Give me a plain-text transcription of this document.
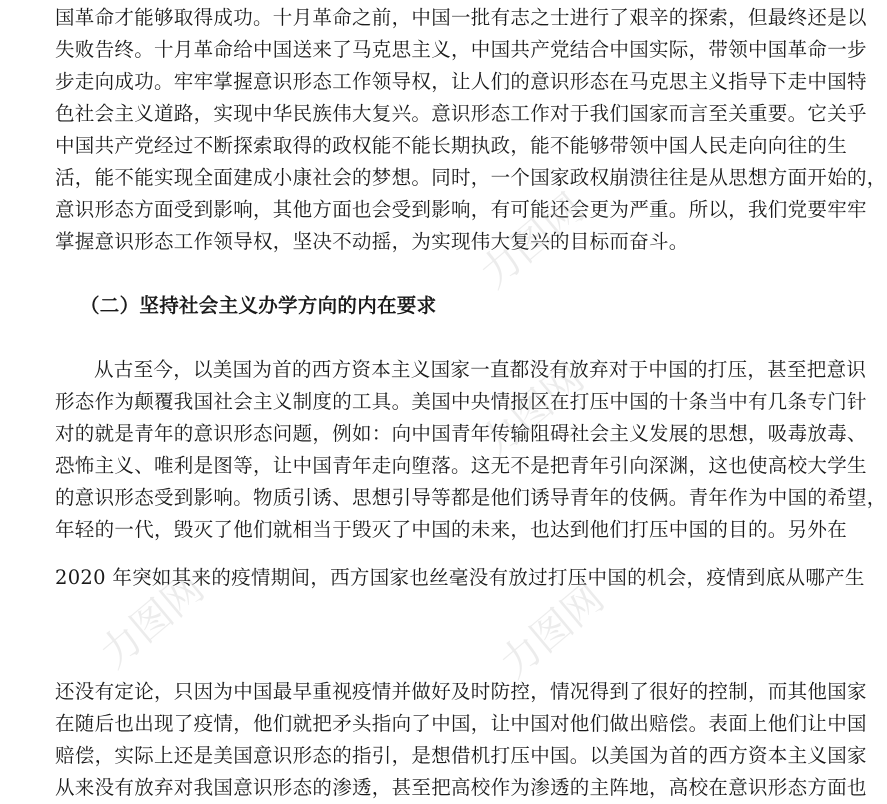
国革命才能够取得成功。十月革命之前，中国一批有志之士进行了艰辛的探索，但最终还是以
失败告终。十月革命给中国送来了马克思主义，中国共产党结合中国实际，带领中国革命一步
步走向成功。牢牢掌握意识形态工作领导权，让人们的意识形态在马克思主义指导下走中国特
色社会主义道路，实现中华民族伟大复兴。意识形态工作对于我们国家而言至关重要。它关乎
中国共产党经过不断探索取得的政权能不能长期执政，能不能够带领中国人民走向向往的生
活，能不能实现全面建成小康社会的梦想。同时，一个国家政权崩溃往往是从思想方面开始的，
意识形态方面受到影响，其他方面也会受到影响，有可能还会更为严重。所以，我们党要牢牢
掌握意识形态工作领导权，坚决不动摇，为实现伟大复兴的目标而奋斗。
（二）坚持社会主义办学方向的内在要求
从古至今，以美国为首的西方资本主义国家一直都没有放弃对于中国的打压，甚至把意识
形态作为颠覆我国社会主义制度的工具。美国中央情报区在打压中国的十条当中有几条专门针
对的就是青年的意识形态问题，例如：向中国青年传输阻碍社会主义发展的思想，吸毒放毒、
恐怖主义、唯利是图等，让中国青年走向堕落。这无不是把青年引向深渊，这也使高校大学生
的意识形态受到影响。物质引诱、思想引导等都是他们诱导青年的伎俩。青年作为中国的希望，
年轻的一代，毁灭了他们就相当于毁灭了中国的未来，也达到他们打压中国的目的。另外在
2020 年突如其来的疫情期间，西方国家也丝毫没有放过打压中国的机会，疫情到底从哪产生
还没有定论，只因为中国最早重视疫情并做好及时防控，情况得到了很好的控制，而其他国家
在随后也出现了疫情，他们就把矛头指向了中国，让中国对他们做出赔偿。表面上他们让中国
赔偿，实际上还是美国意识形态的指引，是想借机打压中国。以美国为首的西方资本主义国家
从来没有放弃对我国意识形态的渗透，甚至把高校作为渗透的主阵地，高校在意识形态方面也
力图网
力图网	力图网
力图网
